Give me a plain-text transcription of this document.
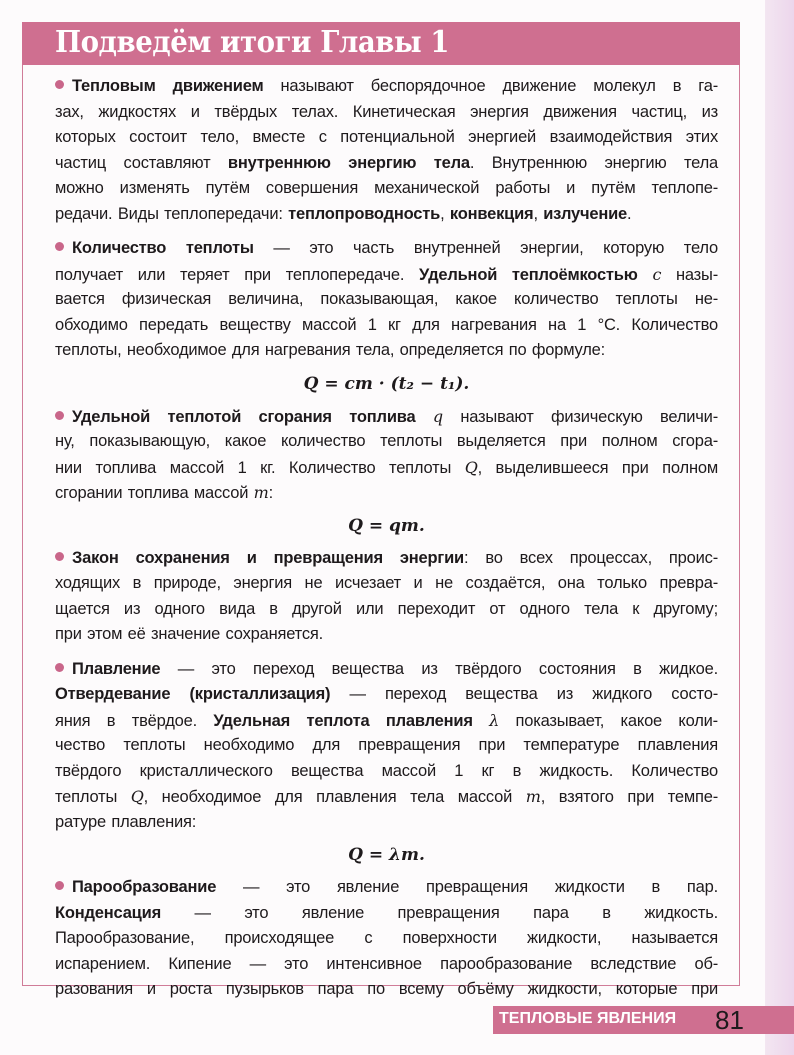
Подведём итоги Главы 1
Тепловым движением называют беспорядочное движение молекул в га-
зах, жидкостях и твёрдых телах. Кинетическая энергия движения частиц, из
которых состоит тело, вместе с потенциальной энергией взаимодействия этих
частиц составляют внутреннюю энергию тела. Внутреннюю энергию тела
можно изменять путём совершения механической работы и путём теплопе-
редачи. Виды теплопередачи: теплопроводность, конвекция, излучение.
Количество теплоты — это часть внутренней энергии, которую тело
получает или теряет при теплопередаче. Удельной теплоёмкостью c назы-
вается физическая величина, показывающая, какое количество теплоты не-
обходимо передать веществу массой 1 кг для нагревания на 1 °С. Количество
теплоты, необходимое для нагревания тела, определяется по формуле:
Q = cm · (t₂ − t₁).
Удельной теплотой сгорания топлива q называют физическую величи-
ну, показывающую, какое количество теплоты выделяется при полном сгора-
нии топлива массой 1 кг. Количество теплоты Q, выделившееся при полном
сгорании топлива массой m:
Q = qm.
Закон сохранения и превращения энергии: во всех процессах, проис-
ходящих в природе, энергия не исчезает и не создаётся, она только превра-
щается из одного вида в другой или переходит от одного тела к другому;
при этом её значение сохраняется.
Плавление — это переход вещества из твёрдого состояния в жидкое.
Отвердевание (кристаллизация) — переход вещества из жидкого состо-
яния в твёрдое. Удельная теплота плавления λ показывает, какое коли-
чество теплоты необходимо для превращения при температуре плавления
твёрдого кристаллического вещества массой 1 кг в жидкость. Количество
теплоты Q, необходимое для плавления тела массой m, взятого при темпе-
ратуре плавления:
Q = λm.
Парообразование — это явление превращения жидкости в пар.
Конденсация — это явление превращения пара в жидкость.
Парообразование, происходящее с поверхности жидкости, называется
испарением. Кипение — это интенсивное парообразование вследствие об-
разования и роста пузырьков пара по всему объёму жидкости, которые при
ТЕПЛОВЫЕ ЯВЛЕНИЯ 81
